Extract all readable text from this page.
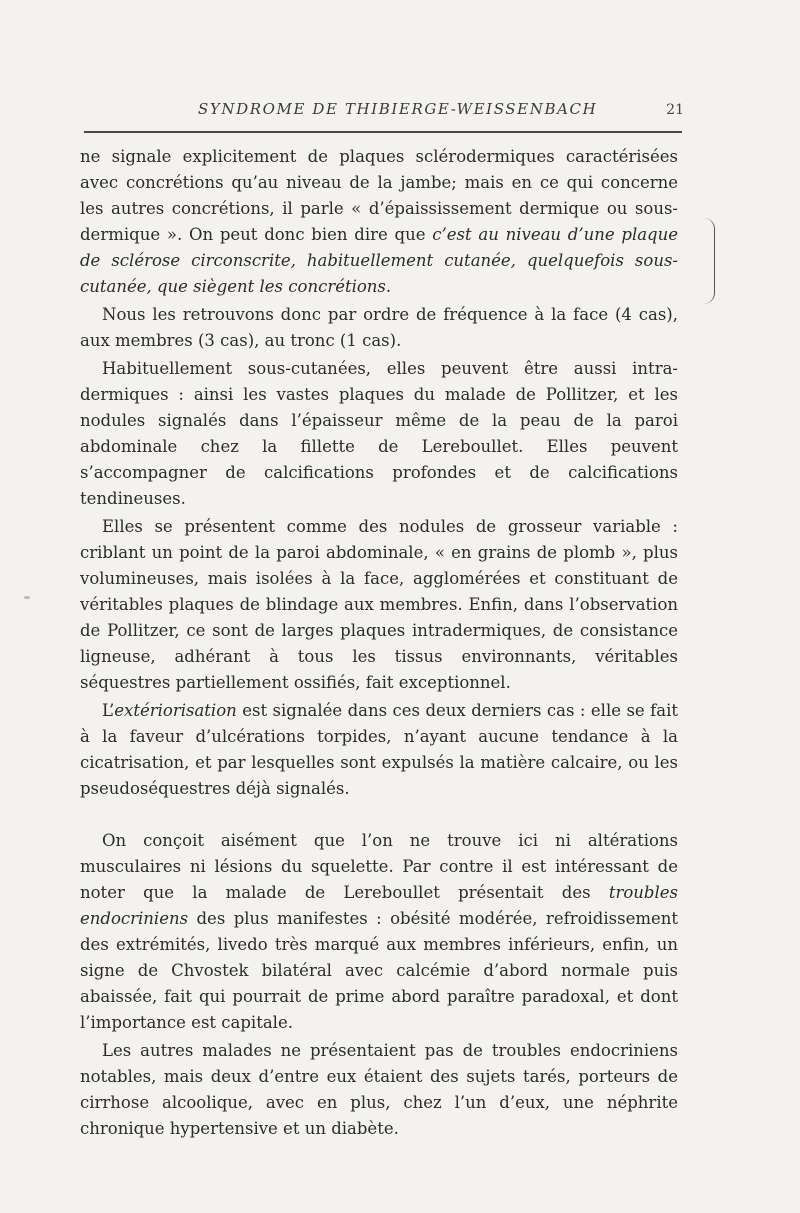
SYNDROME DE THIBIERGE-WEISSENBACH	21

ne signale explicitement de plaques sclérodermiques caractérisées avec concrétions qu’au niveau de la jambe; mais en ce qui concerne les autres concrétions, il parle « d’épaississement dermique ou sous-dermique ». On peut donc bien dire que c’est au niveau d’une plaque de sclérose circonscrite, habituellement cutanée, quelquefois sous-cutanée, que siègent les concrétions.

Nous les retrouvons donc par ordre de fréquence à la face (4 cas), aux membres (3 cas), au tronc (1 cas).

Habituellement sous-cutanées, elles peuvent être aussi intra-dermiques : ainsi les vastes plaques du malade de Pollitzer, et les nodules signalés dans l’épaisseur même de la peau de la paroi abdominale chez la fillette de Lereboullet. Elles peuvent s’accompagner de calcifications profondes et de calcifications tendineuses.

Elles se présentent comme des nodules de grosseur variable : criblant un point de la paroi abdominale, « en grains de plomb », plus volumineuses, mais isolées à la face, agglomérées et constituant de véritables plaques de blindage aux membres. Enfin, dans l’observation de Pollitzer, ce sont de larges plaques intradermiques, de consistance ligneuse, adhérant à tous les tissus environnants, véritables séquestres partiellement ossifiés, fait exceptionnel.

L’extériorisation est signalée dans ces deux derniers cas : elle se fait à la faveur d’ulcérations torpides, n’ayant aucune tendance à la cicatrisation, et par lesquelles sont expulsés la matière calcaire, ou les pseudoséquestres déjà signalés.

On conçoit aisément que l’on ne trouve ici ni altérations musculaires ni lésions du squelette. Par contre il est intéressant de noter que la malade de Lereboullet présentait des troubles endocriniens des plus manifestes : obésité modérée, refroidissement des extrémités, livedo très marqué aux membres inférieurs, enfin, un signe de Chvostek bilatéral avec calcémie d’abord normale puis abaissée, fait qui pourrait de prime abord paraître paradoxal, et dont l’importance est capitale.

Les autres malades ne présentaient pas de troubles endocriniens notables, mais deux d’entre eux étaient des sujets tarés, porteurs de cirrhose alcoolique, avec en plus, chez l’un d’eux, une néphrite chronique hypertensive et un diabète.
